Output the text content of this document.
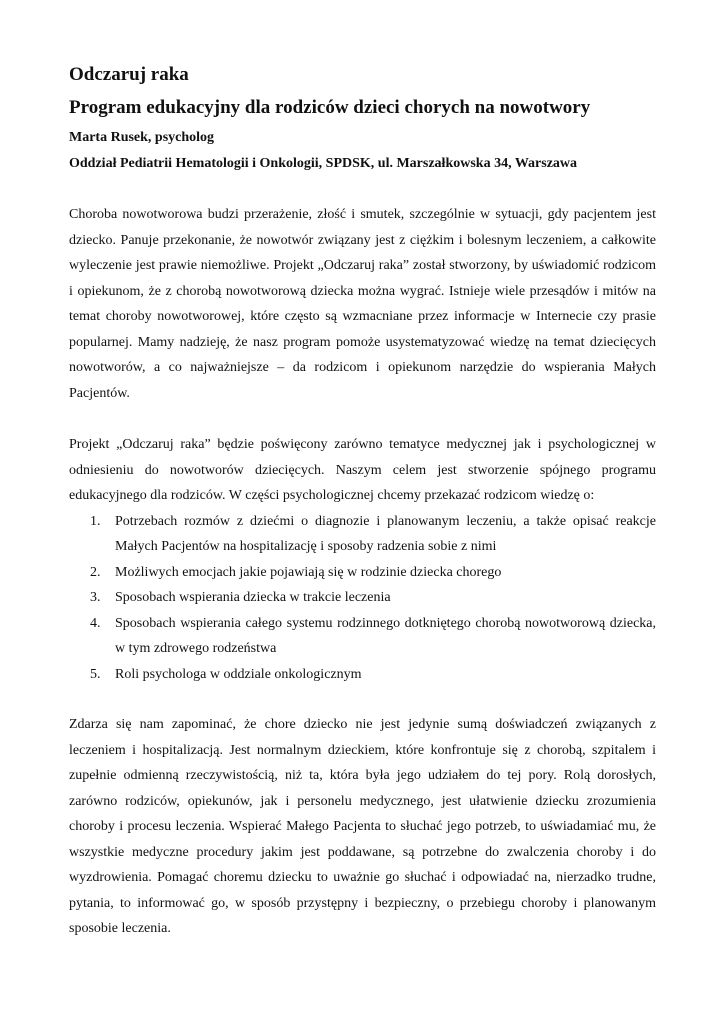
Odczaruj raka
Program edukacyjny dla rodziców dzieci chorych na nowotwory
Marta Rusek, psycholog
Oddział Pediatrii Hematologii i Onkologii, SPDSK, ul. Marszałkowska 34, Warszawa

Choroba nowotworowa budzi przerażenie, złość i smutek, szczególnie w sytuacji, gdy pacjentem jest dziecko. Panuje przekonanie, że nowotwór związany jest z ciężkim i bolesnym leczeniem, a całkowite wyleczenie jest prawie niemożliwe. Projekt „Odczaruj raka” został stworzony, by uświadomić rodzicom i opiekunom, że z chorobą nowotworową dziecka można wygrać. Istnieje wiele przesądów i mitów na temat choroby nowotworowej, które często są wzmacniane przez informacje w Internecie czy prasie popularnej. Mamy nadzieję, że nasz program pomoże usystematyzować wiedzę na temat dziecięcych nowotworów, a co najważniejsze – da rodzicom i opiekunom narzędzie do wspierania Małych Pacjentów.

Projekt „Odczaruj raka” będzie poświęcony zarówno tematyce medycznej jak i psychologicznej w odniesieniu do nowotworów dziecięcych. Naszym celem jest stworzenie spójnego programu edukacyjnego dla rodziców. W części psychologicznej chcemy przekazać rodzicom wiedzę o:

1.	Potrzebach rozmów z dziećmi o diagnozie i planowanym leczeniu, a także opisać reakcje Małych Pacjentów na hospitalizację i sposoby radzenia sobie z nimi
2.	Możliwych emocjach jakie pojawiają się w rodzinie dziecka chorego
3.	Sposobach wspierania dziecka w trakcie leczenia
4.	Sposobach wspierania całego systemu rodzinnego dotkniętego chorobą nowotworową dziecka, w tym zdrowego rodzeństwa
5.	Roli psychologa w oddziale onkologicznym

Zdarza się nam zapominać, że chore dziecko nie jest jedynie sumą doświadczeń związanych z leczeniem i hospitalizacją. Jest normalnym dzieckiem, które konfrontuje się z chorobą, szpitalem i zupełnie odmienną rzeczywistością, niż ta, która była jego udziałem do tej pory. Rolą dorosłych, zarówno rodziców, opiekunów, jak i personelu medycznego, jest ułatwienie dziecku zrozumienia choroby i procesu leczenia. Wspierać Małego Pacjenta to słuchać jego potrzeb, to uświadamiać mu, że wszystkie medyczne procedury jakim jest poddawane, są potrzebne do zwalczenia choroby i do wyzdrowienia. Pomagać choremu dziecku to uważnie go słuchać i odpowiadać na, nierzadko trudne, pytania, to informować go, w sposób przystępny i bezpieczny, o przebiegu choroby i planowanym sposobie leczenia.
